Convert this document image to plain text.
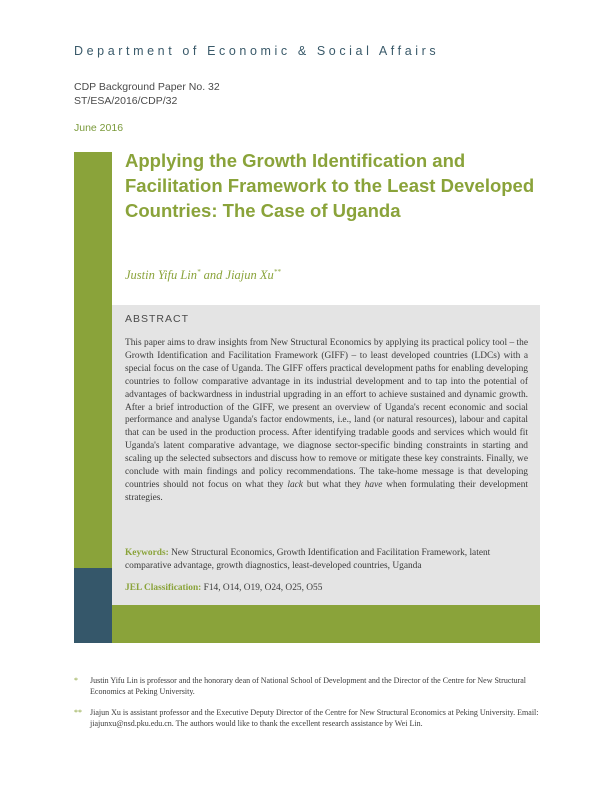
Department of Economic & Social Affairs
CDP Background Paper No. 32
ST/ESA/2016/CDP/32
June 2016
Applying the Growth Identification and Facilitation Framework to the Least Developed Countries: The Case of Uganda
Justin Yifu Lin* and Jiajun Xu**
ABSTRACT
This paper aims to draw insights from New Structural Economics by applying its practical policy tool – the Growth Identification and Facilitation Framework (GIFF) – to least developed countries (LDCs) with a special focus on the case of Uganda. The GIFF offers practical development paths for enabling developing countries to follow comparative advantage in its industrial development and to tap into the potential of advantages of backwardness in industrial upgrading in an effort to achieve sustained and dynamic growth. After a brief introduction of the GIFF, we present an overview of Uganda's recent economic and social performance and analyse Uganda's factor endowments, i.e., land (or natural resources), labour and capital that can be used in the production process. After identifying tradable goods and services which would fit Uganda's latent comparative advantage, we diagnose sector-specific binding constraints in starting and scaling up the selected subsectors and discuss how to remove or mitigate these key constraints. Finally, we conclude with main findings and policy recommendations. The take-home message is that developing countries should not focus on what they lack but what they have when formulating their development strategies.
Keywords: New Structural Economics, Growth Identification and Facilitation Framework, latent comparative advantage, growth diagnostics, least-developed countries, Uganda
JEL Classification: F14, O14, O19, O24, O25, O55
* Justin Yifu Lin is professor and the honorary dean of National School of Development and the Director of the Centre for New Structural Economics at Peking University.
** Jiajun Xu is assistant professor and the Executive Deputy Director of the Centre for New Structural Economics at Peking University. Email: jiajunxu@nsd.pku.edu.cn. The authors would like to thank the excellent research assistance by Wei Lin.
